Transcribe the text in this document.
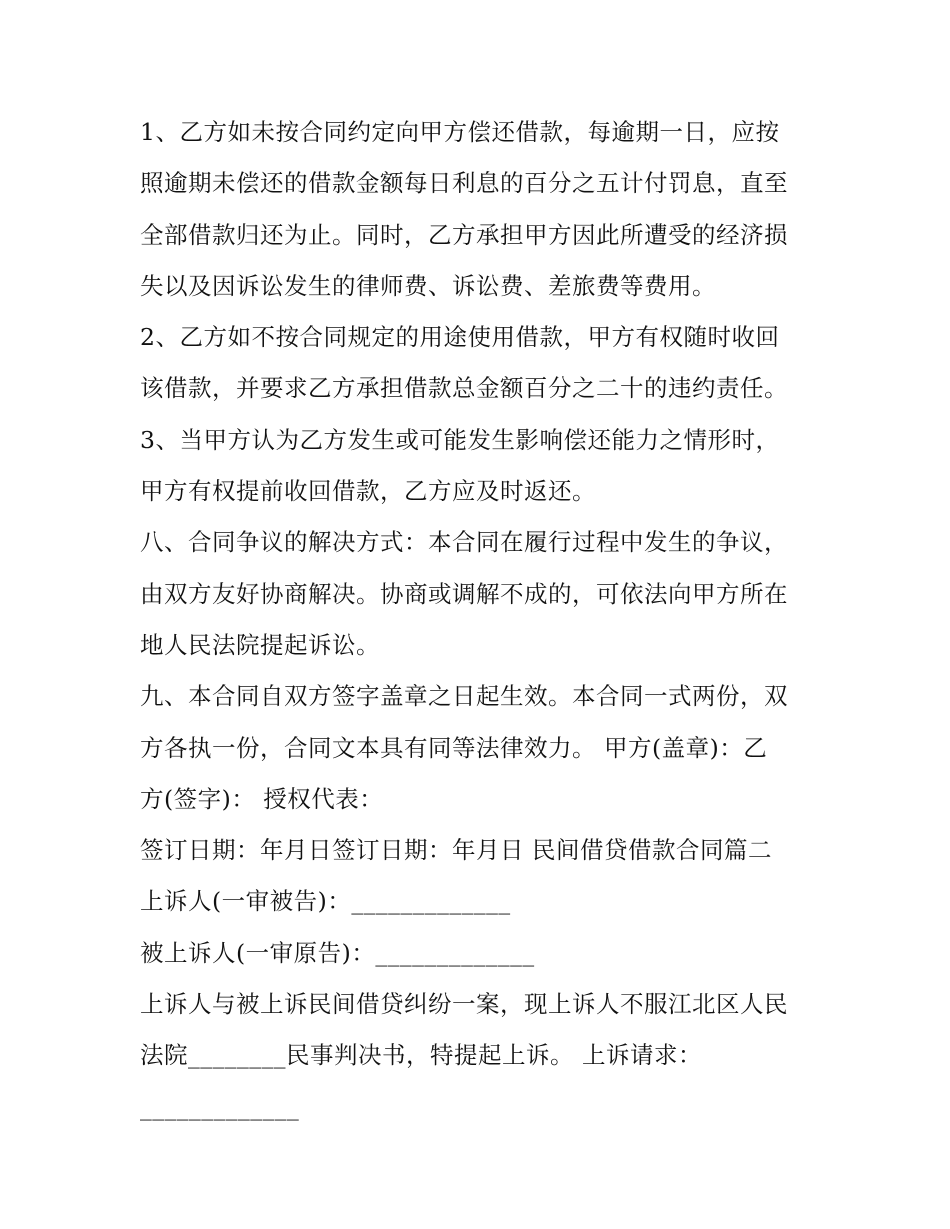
1、乙方如未按合同约定向甲方偿还借款，每逾期一日，应按
照逾期未偿还的借款金额每日利息的百分之五计付罚息，直至
全部借款归还为止。同时，乙方承担甲方因此所遭受的经济损
失以及因诉讼发生的律师费、诉讼费、差旅费等费用。
2、乙方如不按合同规定的用途使用借款，甲方有权随时收回
该借款，并要求乙方承担借款总金额百分之二十的违约责任。
3、当甲方认为乙方发生或可能发生影响偿还能力之情形时，
甲方有权提前收回借款，乙方应及时返还。
八、合同争议的解决方式：本合同在履行过程中发生的争议，
由双方友好协商解决。协商或调解不成的，可依法向甲方所在
地人民法院提起诉讼。
九、本合同自双方签字盖章之日起生效。本合同一式两份，双
方各执一份，合同文本具有同等法律效力。 甲方(盖章)：乙
方(签字)： 授权代表：
签订日期：年月日签订日期：年月日 民间借贷借款合同篇二
上诉人(一审被告)：_____________
被上诉人(一审原告)：_____________
上诉人与被上诉民间借贷纠纷一案，现上诉人不服江北区人民
法院________民事判决书，特提起上诉。 上诉请求：
_____________
